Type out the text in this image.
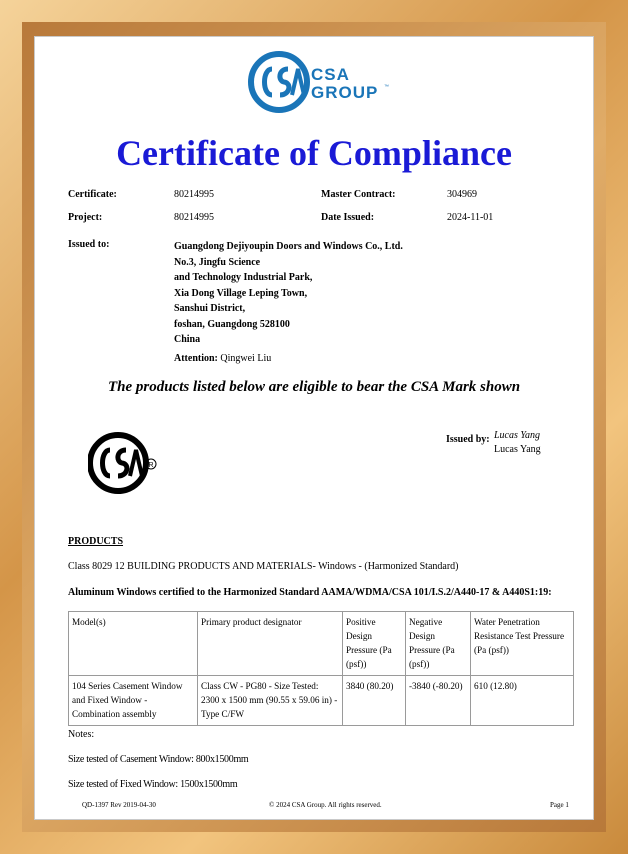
CSA
GROUP ™
Certificate of Compliance
Certificate:	80214995	Master Contract:	304969
Project:	80214995	Date Issued:	2024-11-01
Issued to:	Guangdong Dejiyoupin Doors and Windows Co., Ltd.
No.3, Jingfu Science
and Technology Industrial Park,
Xia Dong Village Leping Town,
Sanshui District,
foshan, Guangdong 528100
China
Attention: Qingwei Liu
The products listed below are eligible to bear the CSA Mark shown
R
Issued by: Lucas Yang
Lucas Yang
PRODUCTS
Class 8029 12 BUILDING PRODUCTS AND MATERIALS- Windows - (Harmonized Standard)
Aluminum Windows certified to the Harmonized Standard AAMA/WDMA/CSA 101/I.S.2/A440-17 & A440S1:19:
Model(s)	Primary product designator	Positive Design Pressure (Pa (psf))	Negative Design Pressure (Pa (psf))	Water Penetration Resistance Test Pressure (Pa (psf))
104 Series Casement Window and Fixed Window - Combination assembly	Class CW - PG80 - Size Tested: 2300 x 1500 mm (90.55 x 59.06 in) - Type C/FW	3840 (80.20)	-3840 (-80.20)	610 (12.80)
Notes:
Size tested of Casement Window: 800x1500mm
Size tested of Fixed Window: 1500x1500mm
QD-1397 Rev 2019-04-30	© 2024 CSA Group. All rights reserved.	Page 1
